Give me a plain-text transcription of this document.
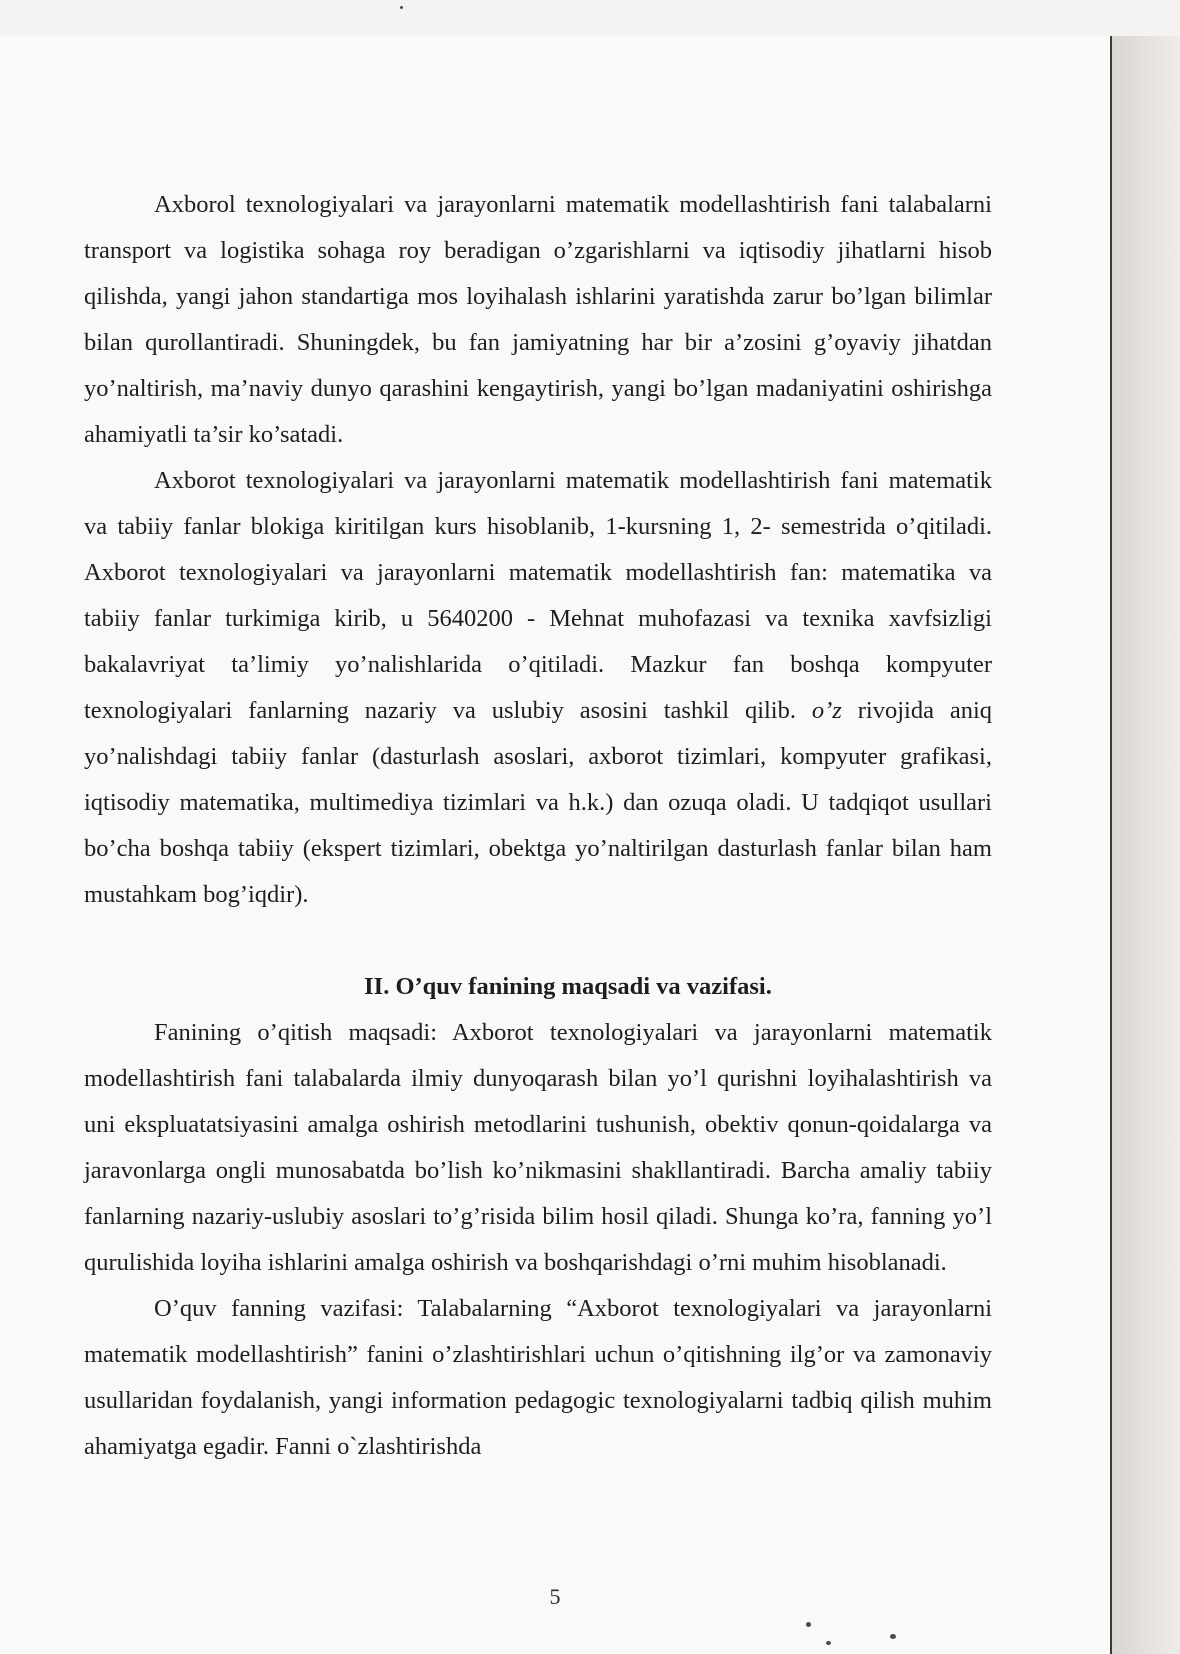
Axborol texnologiyalari va jarayonlarni matematik modellashtirish fani talabalarni transport va logistika sohaga roy beradigan o’zgarishlarni va iqtisodiy jihatlarni hisob qilishda, yangi jahon standartiga mos loyihalash ishlarini yaratishda zarur bo’lgan bilimlar bilan qurollantiradi. Shuningdek, bu fan jamiyatning har bir a’zosini g’oyaviy jihatdan yo’naltirish, ma’naviy dunyo qarashini kengaytirish, yangi bo’lgan madaniyatini oshirishga ahamiyatli ta’sir ko’satadi.

Axborot texnologiyalari va jarayonlarni matematik modellashtirish fani matematik va tabiiy fanlar blokiga kiritilgan kurs hisoblanib, 1-kursning 1, 2- semestrida o’qitiladi. Axborot texnologiyalari va jarayonlarni matematik modellashtirish fan: matematika va tabiiy fanlar turkimiga kirib, u 5640200 - Mehnat muhofazasi va texnika xavfsizligi bakalavriyat ta’limiy yo’nalishlarida o’qitiladi. Mazkur fan boshqa kompyuter texnologiyalari fanlarning nazariy va uslubiy asosini tashkil qilib. o’z rivojida aniq yo’nalishdagi tabiiy fanlar (dasturlash asoslari, axborot tizimlari, kompyuter grafikasi, iqtisodiy matematika, multimediya tizimlari va h.k.) dan ozuqa oladi. U tadqiqot usullari bo’cha boshqa tabiiy (ekspert tizimlari, obektga yo’naltirilgan dasturlash fanlar bilan ham mustahkam bog’iqdir).

II. O’quv fanining maqsadi va vazifasi.

Fanining o’qitish maqsadi: Axborot texnologiyalari va jarayonlarni matematik modellashtirish fani talabalarda ilmiy dunyoqarash bilan yo’l qurishni loyihalashtirish va uni ekspluatatsiyasini amalga oshirish metodlarini tushunish, obektiv qonun-qoidalarga va jaravonlarga ongli munosabatda bo’lish ko’nikmasini shakllantiradi. Barcha amaliy tabiiy fanlarning nazariy-uslubiy asoslari to’g’risida bilim hosil qiladi. Shunga ko’ra, fanning yo’l qurulishida loyiha ishlarini amalga oshirish va boshqarishdagi o’rni muhim hisoblanadi.

O’quv fanning vazifasi: Talabalarning “Axborot texnologiyalari va jarayonlarni matematik modellashtirish” fanini o’zlashtirishlari uchun o’qitishning ilg’or va zamonaviy usullaridan foydalanish, yangi information pedagogic texnologiyalarni tadbiq qilish muhim ahamiyatga egadir. Fanni o`zlashtirishda

5
